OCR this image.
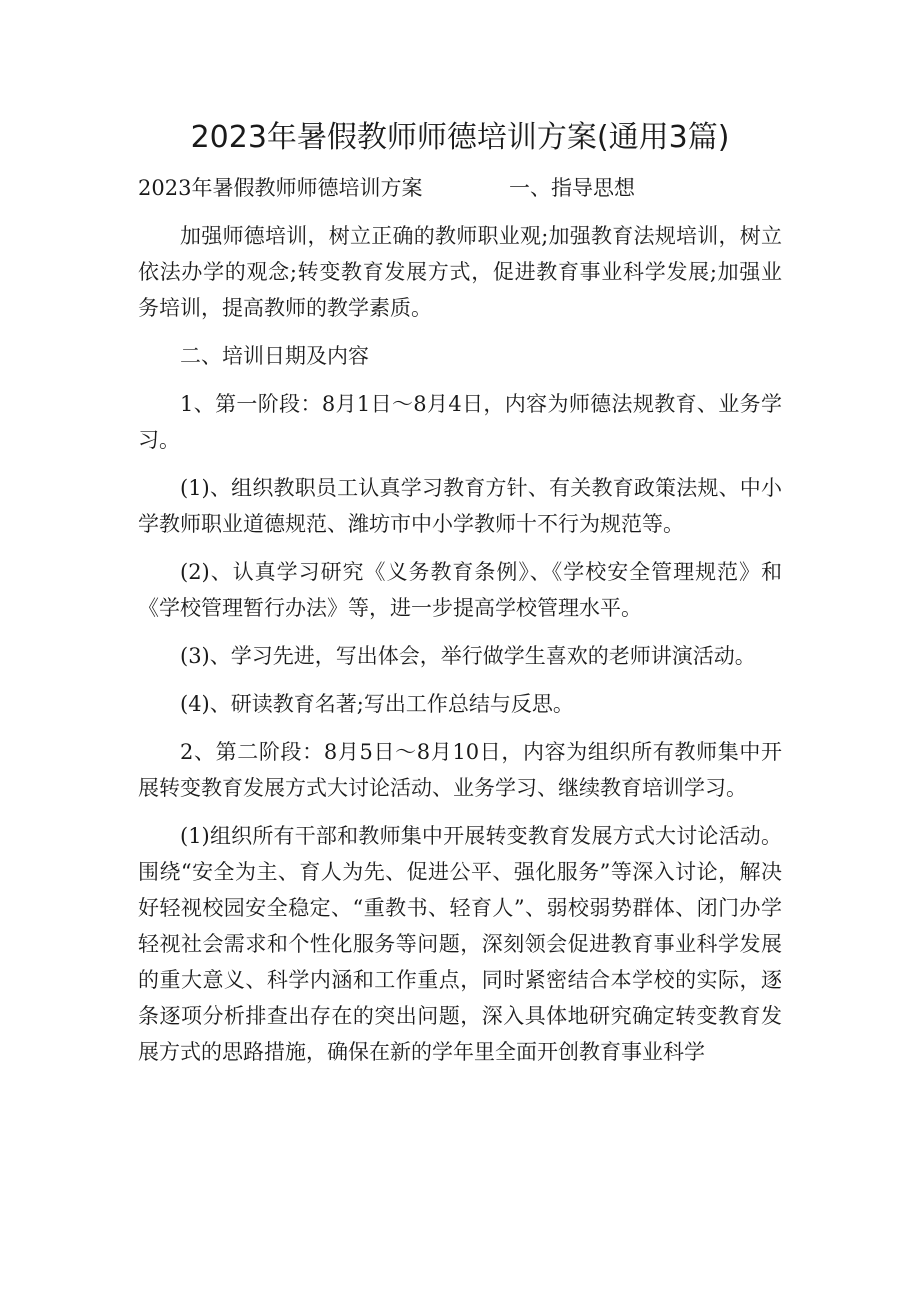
2023年暑假教师师德培训方案(通用3篇)
2023年暑假教师师德培训方案	一、指导思想

加强师德培训，树立正确的教师职业观;加强教育法规培训，树立依法办学的观念;转变教育发展方式，促进教育事业科学发展;加强业务培训，提高教师的教学素质。

二、培训日期及内容

1、第一阶段：8月1日～8月4日，内容为师德法规教育、业务学习。

(1)、组织教职员工认真学习教育方针、有关教育政策法规、中小学教师职业道德规范、潍坊市中小学教师十不行为规范等。

(2)、认真学习研究《义务教育条例》、《学校安全管理规范》和《学校管理暂行办法》等，进一步提高学校管理水平。

(3)、学习先进，写出体会，举行做学生喜欢的老师讲演活动。

(4)、研读教育名著;写出工作总结与反思。

2、第二阶段：8月5日～8月10日，内容为组织所有教师集中开展转变教育发展方式大讨论活动、业务学习、继续教育培训学习。

(1)组织所有干部和教师集中开展转变教育发展方式大讨论活动。围绕“安全为主、育人为先、促进公平、强化服务”等深入讨论，解决好轻视校园安全稳定、“重教书、轻育人”、弱校弱势群体、闭门办学轻视社会需求和个性化服务等问题，深刻领会促进教育事业科学发展的重大意义、科学内涵和工作重点，同时紧密结合本学校的实际，逐条逐项分析排查出存在的突出问题，深入具体地研究确定转变教育发展方式的思路措施，确保在新的学年里全面开创教育事业科学
